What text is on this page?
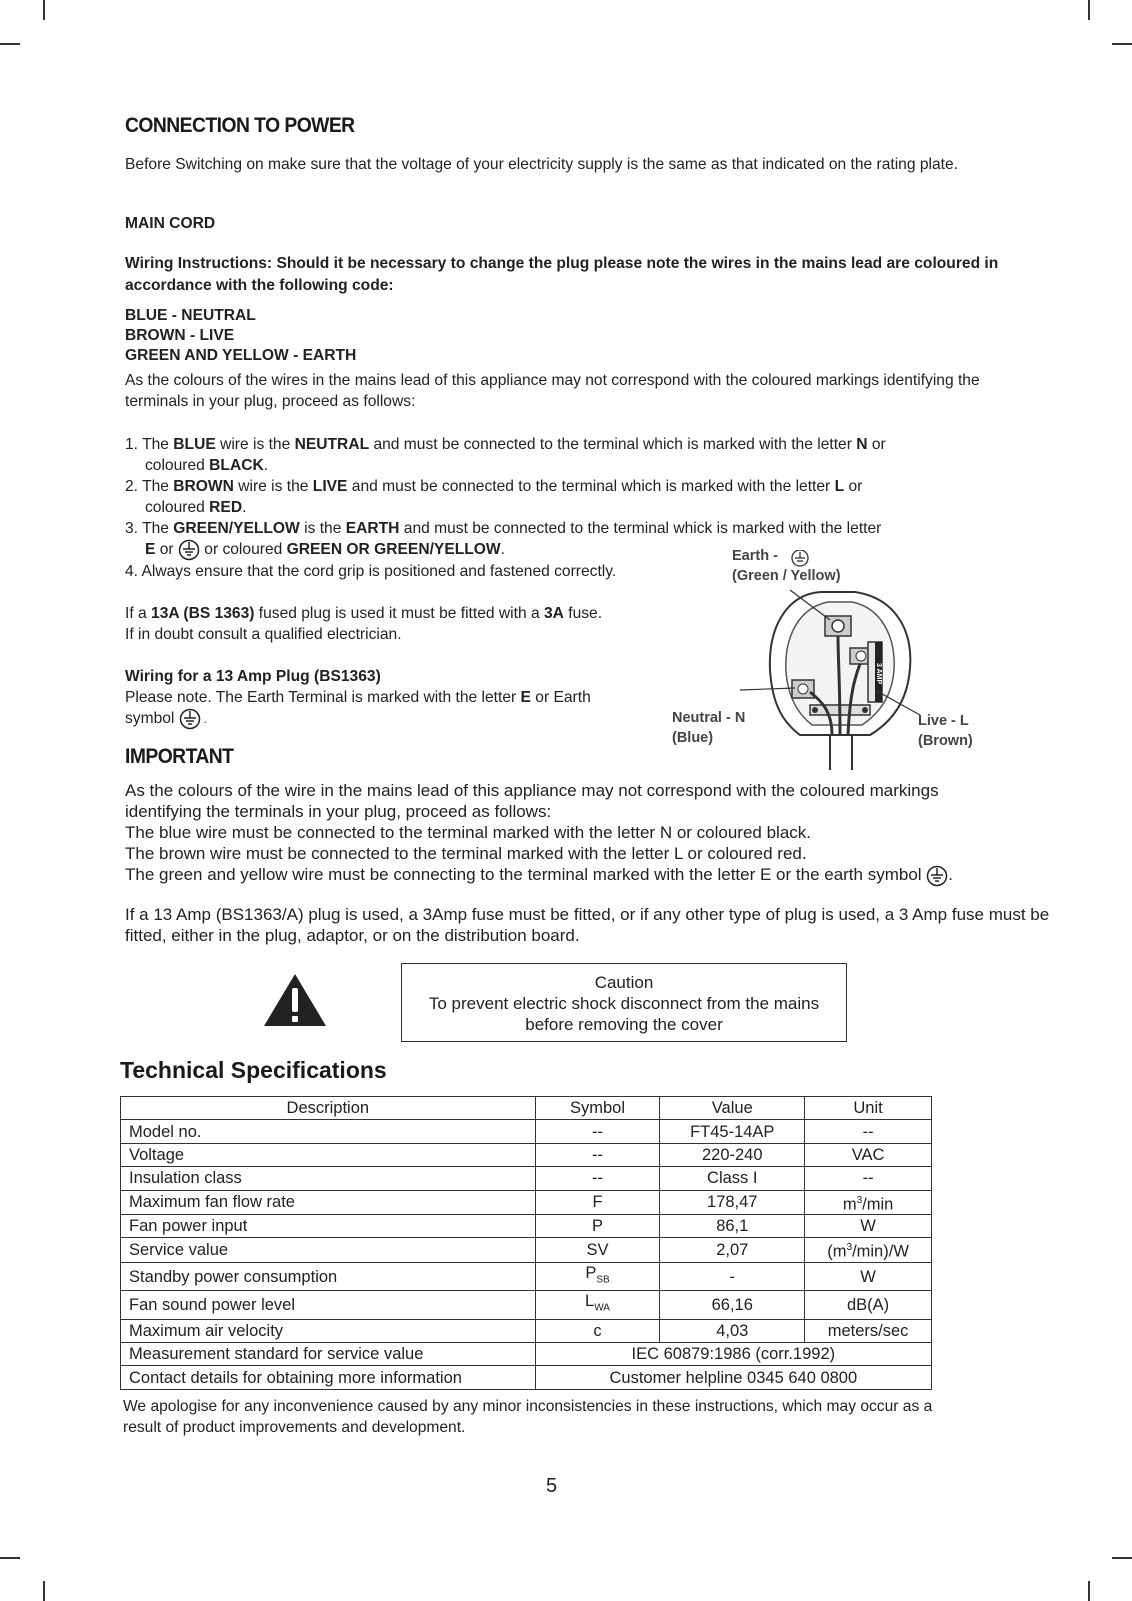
CONNECTION TO POWER
Before Switching on make sure that the voltage of your electricity supply is the same as that indicated on the rating plate.
MAIN CORD
Wiring Instructions: Should it be necessary to change the plug please note the wires in the mains lead are coloured in accordance with the following code:
BLUE - NEUTRAL
BROWN - LIVE
GREEN AND YELLOW - EARTH
As the colours of the wires in the mains lead of this appliance may not correspond with the coloured markings identifying the terminals in your plug, proceed as follows:
1. The BLUE wire is the NEUTRAL and must be connected to the terminal which is marked with the letter N or
coloured BLACK.
2. The BROWN wire is the LIVE and must be connected to the terminal which is marked with the letter L or
coloured RED.
3. The GREEN/YELLOW is the EARTH and must be connected to the terminal whick is marked with the letter
E or  or coloured GREEN OR GREEN/YELLOW.
4. Always ensure that the cord grip is positioned and fastened correctly.
If a 13A (BS 1363) fused plug is used it must be fitted with a 3A fuse.
If in doubt consult a qualified electrician.
Wiring for a 13 Amp Plug (BS1363)
Please note. The Earth Terminal is marked with the letter E or Earth
symbol  .
Earth -
(Green / Yellow)
Neutral - N
(Blue)
Live - L
(Brown)
3 AMP
IMPORTANT
As the colours of the wire in the mains lead of this appliance may not correspond with the coloured markings
identifying the terminals in your plug, proceed as follows:
The blue wire must be connected to the terminal marked with the letter N or coloured black.
The brown wire must be connected to the terminal marked with the letter L or coloured red.
The green and yellow wire must be connecting to the terminal marked with the letter E or the earth symbol .
If a 13 Amp (BS1363/A) plug is used, a 3Amp fuse must be fitted, or if any other type of plug is used, a 3 Amp fuse must be fitted, either in the plug, adaptor, or on the distribution board.
Caution
To prevent electric shock disconnect from the mains
before removing the cover
Technical Specifications
Description	Symbol	Value	Unit
Model no.	--	FT45-14AP	--
Voltage	--	220-240	VAC
Insulation class	--	Class I	--
Maximum fan flow rate	F	178,47	$m^3/\min$
Fan power input	P	86,1	W
Service value	SV	2,07	$(m^3/\min)/W$
Standby power consumption	$P_{SB}$	-	W
Fan sound power level	$L_{WA}$	66,16	dB(A)
Maximum air velocity	c	4,03	meters/sec
Measurement standard for service value	IEC 60879:1986 (corr.1992)		
Contact details for obtaining more information	Customer helpline 0345 640 0800		
We apologise for any inconvenience caused by any minor inconsistencies in these instructions, which may occur as a result of product improvements and development.
5
